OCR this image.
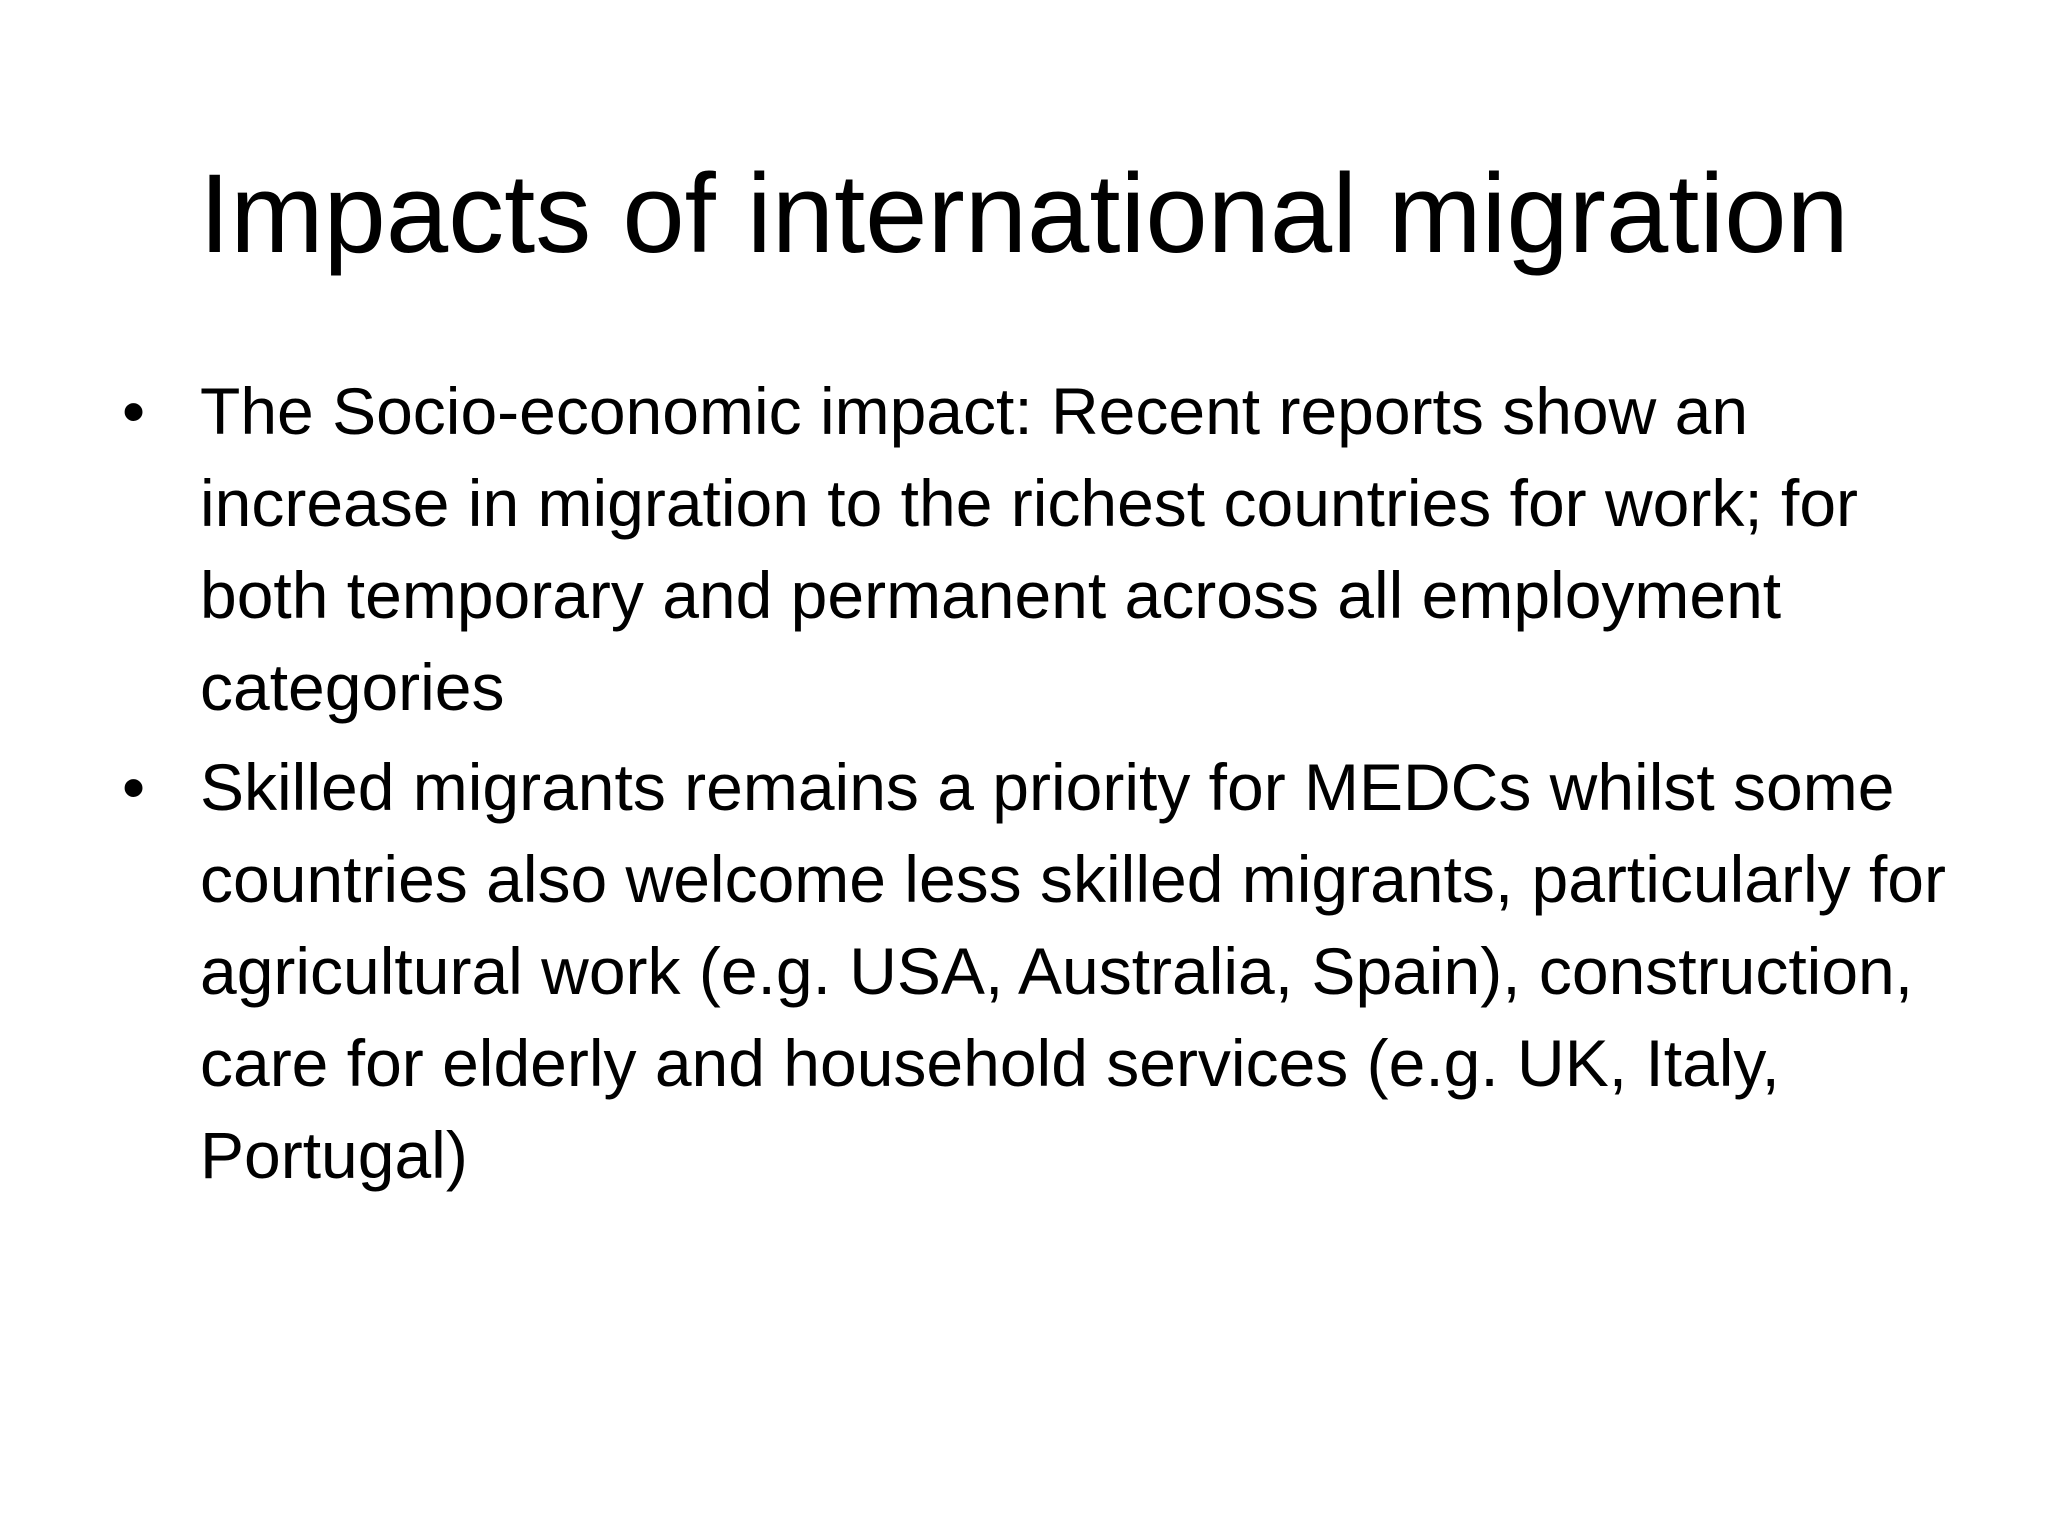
Impacts of international migration
• The Socio-economic impact: Recent reports show an increase in migration to the richest countries for work; for both temporary and permanent across all employment categories
• Skilled migrants remains a priority for MEDCs whilst some countries also welcome less skilled migrants, particularly for agricultural work (e.g. USA, Australia, Spain), construction, care for elderly and household services (e.g. UK, Italy, Portugal)
